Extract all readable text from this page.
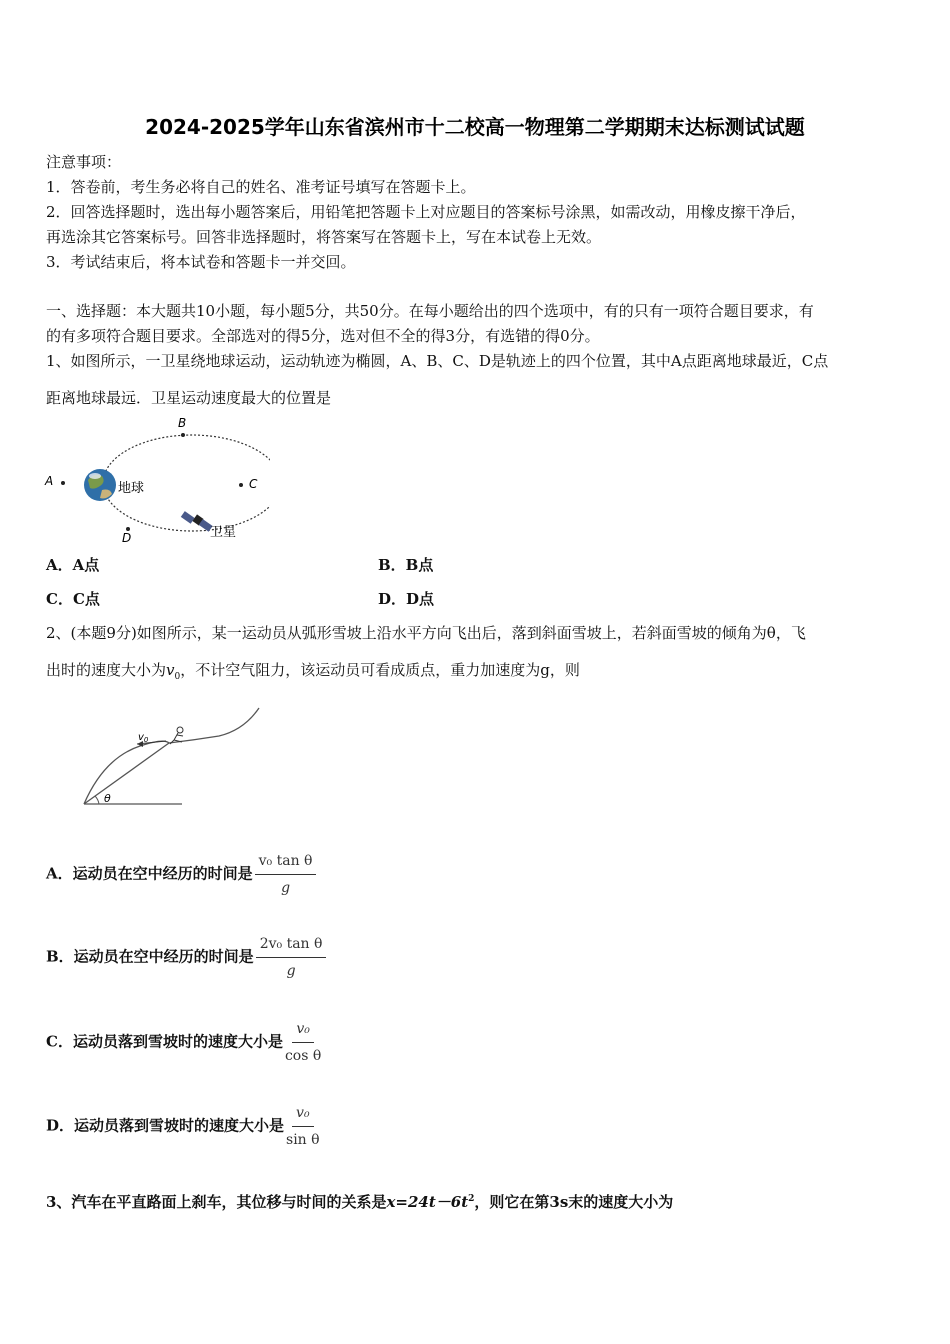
2024-2025学年山东省滨州市十二校高一物理第二学期期末达标测试试题
注意事项：
1．答卷前，考生务必将自己的姓名、准考证号填写在答题卡上。
2．回答选择题时，选出每小题答案后，用铅笔把答题卡上对应题目的答案标号涂黑，如需改动，用橡皮擦干净后，
再选涂其它答案标号。回答非选择题时，将答案写在答题卡上，写在本试卷上无效。
3．考试结束后，将本试卷和答题卡一并交回。
一、选择题：本大题共10小题，每小题5分，共50分。在每小题给出的四个选项中，有的只有一项符合题目要求，有
的有多项符合题目要求。全部选对的得5分，选对但不全的得3分，有选错的得0分。
1、如图所示，一卫星绕地球运动，运动轨迹为椭圆，A、B、C、D是轨迹上的四个位置，其中A点距离地球最近，C点
距离地球最远．卫星运动速度最大的位置是
A
B
C
D
地球
卫星
A．A点	B．B点
C．C点	D．D点
2、(本题9分)如图所示，某一运动员从弧形雪坡上沿水平方向飞出后，落到斜面雪坡上，若斜面雪坡的倾角为θ，飞
出时的速度大小为$v_0$，不计空气阻力，该运动员可看成质点，重力加速度为g，则
$v_0$
θ
A．运动员在空中经历的时间是 $\frac{\text{v₀ tan θ}}{g}$
B．运动员在空中经历的时间是 $\frac{\text{2v₀ tan θ}}{g}$
C．运动员落到雪坡时的速度大小是 $\frac{\text{v₀}}{\text{cos θ}}$
D．运动员落到雪坡时的速度大小是 $\frac{\text{v₀}}{\text{sin θ}}$
3、汽车在平直路面上刹车，其位移与时间的关系是$x=24t-6t^2$，则它在第3s末的速度大小为
